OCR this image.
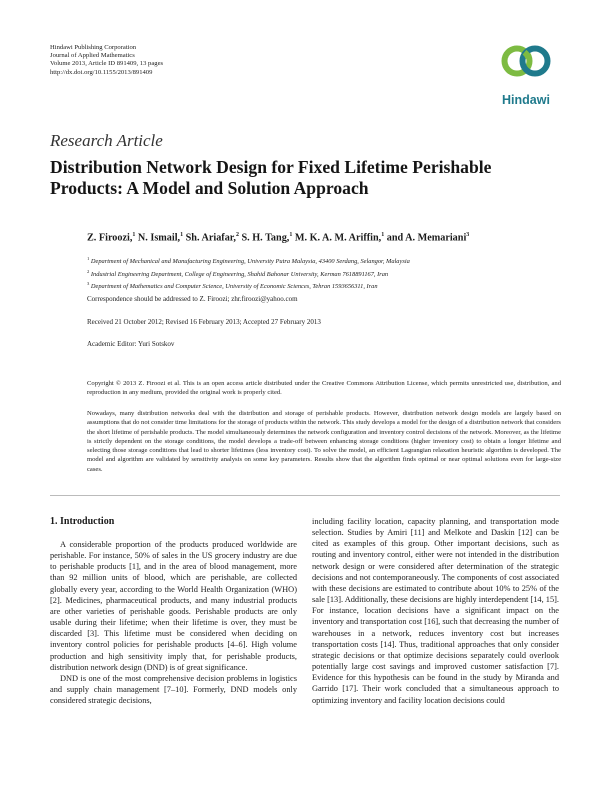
Hindawi Publishing Corporation
Journal of Applied Mathematics
Volume 2013, Article ID 891409, 13 pages
http://dx.doi.org/10.1155/2013/891409
Hindawi
Research Article
Distribution Network Design for Fixed Lifetime Perishable Products: A Model and Solution Approach
Z. Firoozi,$^1$ N. Ismail,$^1$ Sh. Ariafar,$^2$ S. H. Tang,$^1$ M. K. A. M. Ariffin,$^1$ and A. Memariani$^3$
$^1$ Department of Mechanical and Manufacturing Engineering, University Putra Malaysia, 43400 Serdang, Selangor, Malaysia
$^2$ Industrial Engineering Department, College of Engineering, Shahid Bahonar University, Kerman 7618891167, Iran
$^3$ Department of Mathematics and Computer Science, University of Economic Sciences, Tehran 1593656311, Iran
Correspondence should be addressed to Z. Firoozi; zhr.firoozi@yahoo.com
Received 21 October 2012; Revised 16 February 2013; Accepted 27 February 2013
Academic Editor: Yuri Sotskov
Copyright © 2013 Z. Firoozi et al. This is an open access article distributed under the Creative Commons Attribution License, which permits unrestricted use, distribution, and reproduction in any medium, provided the original work is properly cited.
Nowadays, many distribution networks deal with the distribution and storage of perishable products. However, distribution network design models are largely based on assumptions that do not consider time limitations for the storage of products within the network. This study develops a model for the design of a distribution network that considers the short lifetime of perishable products. The model simultaneously determines the network configuration and inventory control decisions of the network. Moreover, as the lifetime is strictly dependent on the storage conditions, the model develops a trade-off between enhancing storage conditions (higher inventory cost) to obtain a longer lifetime and selecting those storage conditions that lead to shorter lifetimes (less inventory cost). To solve the model, an efficient Lagrangian relaxation heuristic algorithm is developed. The model and algorithm are validated by sensitivity analysis on some key parameters. Results show that the algorithm finds optimal or near optimal solutions even for large-size cases.
1. Introduction

A considerable proportion of the products produced worldwide are perishable. For instance, 50% of sales in the US grocery industry are due to perishable products [1], and in the area of blood management, more than 92 million units of blood, which are perishable, are collected globally every year, according to the World Health Organization (WHO) [2]. Medicines, pharmaceutical products, and many industrial products are other varieties of perishable goods. Perishable products are only usable during their lifetime; when their lifetime is over, they must be discarded [3]. This lifetime must be considered when deciding on inventory control policies for perishable products [4–6]. High volume production and high sensitivity imply that, for perishable products, distribution network design (DND) is of great significance.

DND is one of the most comprehensive decision problems in logistics and supply chain management [7–10]. Formerly, DND models only considered strategic decisions,

including facility location, capacity planning, and transportation mode selection. Studies by Amiri [11] and Melkote and Daskin [12] can be cited as examples of this group. Other important decisions, such as routing and inventory control, either were not intended in the distribution network design or were considered after determination of the strategic decisions and not contemporaneously. The components of cost associated with these decisions are estimated to contribute about 10% to 25% of the sale [13]. Additionally, these decisions are highly interdependent [14, 15]. For instance, location decisions have a significant impact on the inventory and transportation cost [16], such that decreasing the number of warehouses in a network, reduces inventory cost but increases transportation costs [14]. Thus, traditional approaches that only consider strategic decisions or that optimize decisions separately could overlook potentially large cost savings and improved customer satisfaction [7]. Evidence for this hypothesis can be found in the study by Miranda and Garrido [17]. Their work concluded that a simultaneous approach to optimizing inventory and facility location decisions could
